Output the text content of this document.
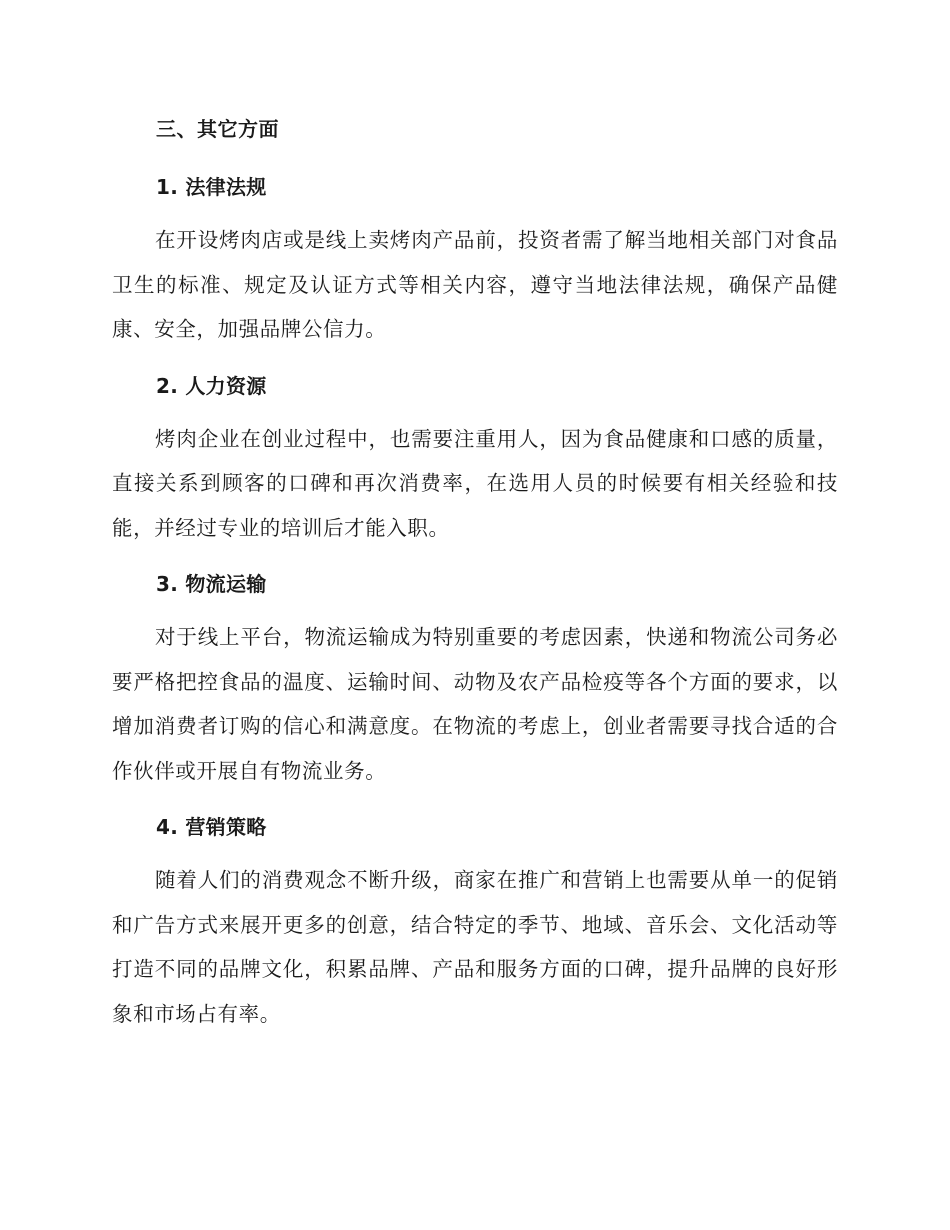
三、其它方面
1. 法律法规

在开设烤肉店或是线上卖烤肉产品前，投资者需了解当地相关部门对食品卫生的标准、规定及认证方式等相关内容，遵守当地法律法规，确保产品健康、安全，加强品牌公信力。

2. 人力资源

烤肉企业在创业过程中，也需要注重用人，因为食品健康和口感的质量，直接关系到顾客的口碑和再次消费率，在选用人员的时候要有相关经验和技能，并经过专业的培训后才能入职。

3. 物流运输

对于线上平台，物流运输成为特别重要的考虑因素，快递和物流公司务必要严格把控食品的温度、运输时间、动物及农产品检疫等各个方面的要求，以增加消费者订购的信心和满意度。在物流的考虑上，创业者需要寻找合适的合作伙伴或开展自有物流业务。

4. 营销策略

随着人们的消费观念不断升级，商家在推广和营销上也需要从单一的促销和广告方式来展开更多的创意，结合特定的季节、地域、音乐会、文化活动等打造不同的品牌文化，积累品牌、产品和服务方面的口碑，提升品牌的良好形象和市场占有率。
